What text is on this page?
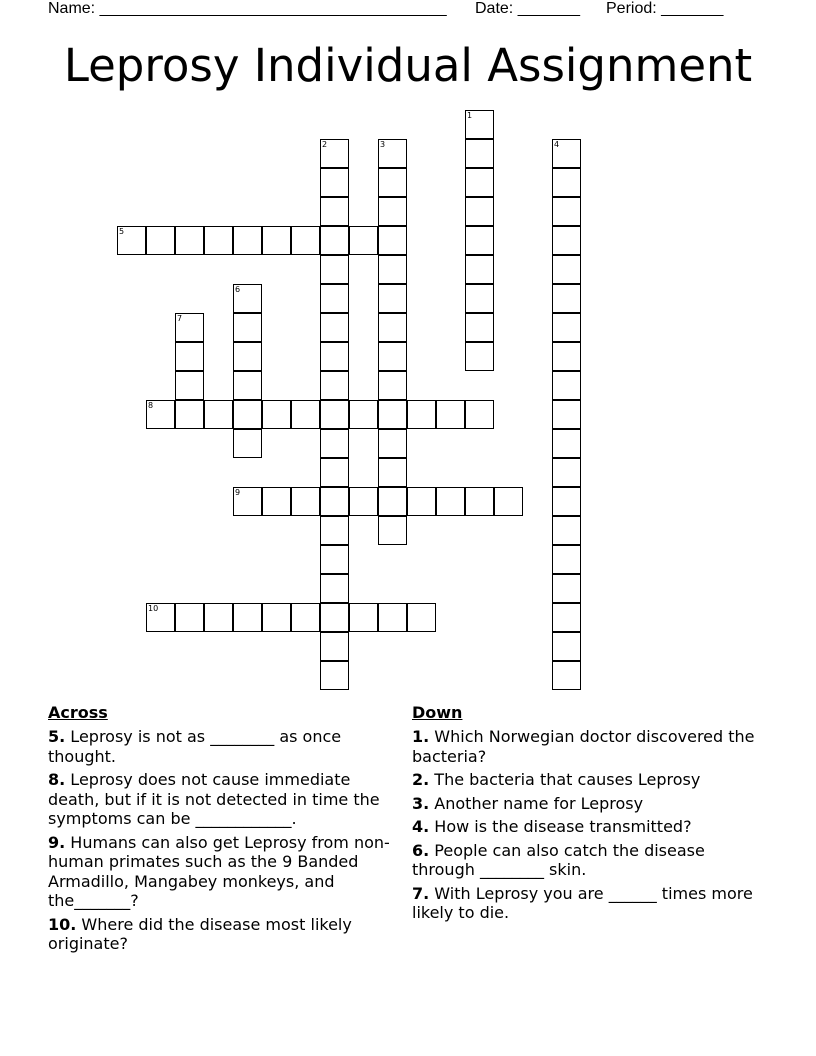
Name: _______________________________________

Date: _______

Period: _______

Leprosy Individual Assignment
1
2	3	4
5
6
7
8
9
10
Across
5. Leprosy is not as ________ as once thought.
8. Leprosy does not cause immediate death, but if it is not detected in time the symptoms can be ____________.
9. Humans can also get Leprosy from non-human primates such as the 9 Banded Armadillo, Mangabey monkeys, and the_______?
10. Where did the disease most likely originate?
Down
1. Which Norwegian doctor discovered the bacteria?
2. The bacteria that causes Leprosy
3. Another name for Leprosy
4. How is the disease transmitted?
6. People can also catch the disease through ________ skin.
7. With Leprosy you are ______ times more likely to die.
